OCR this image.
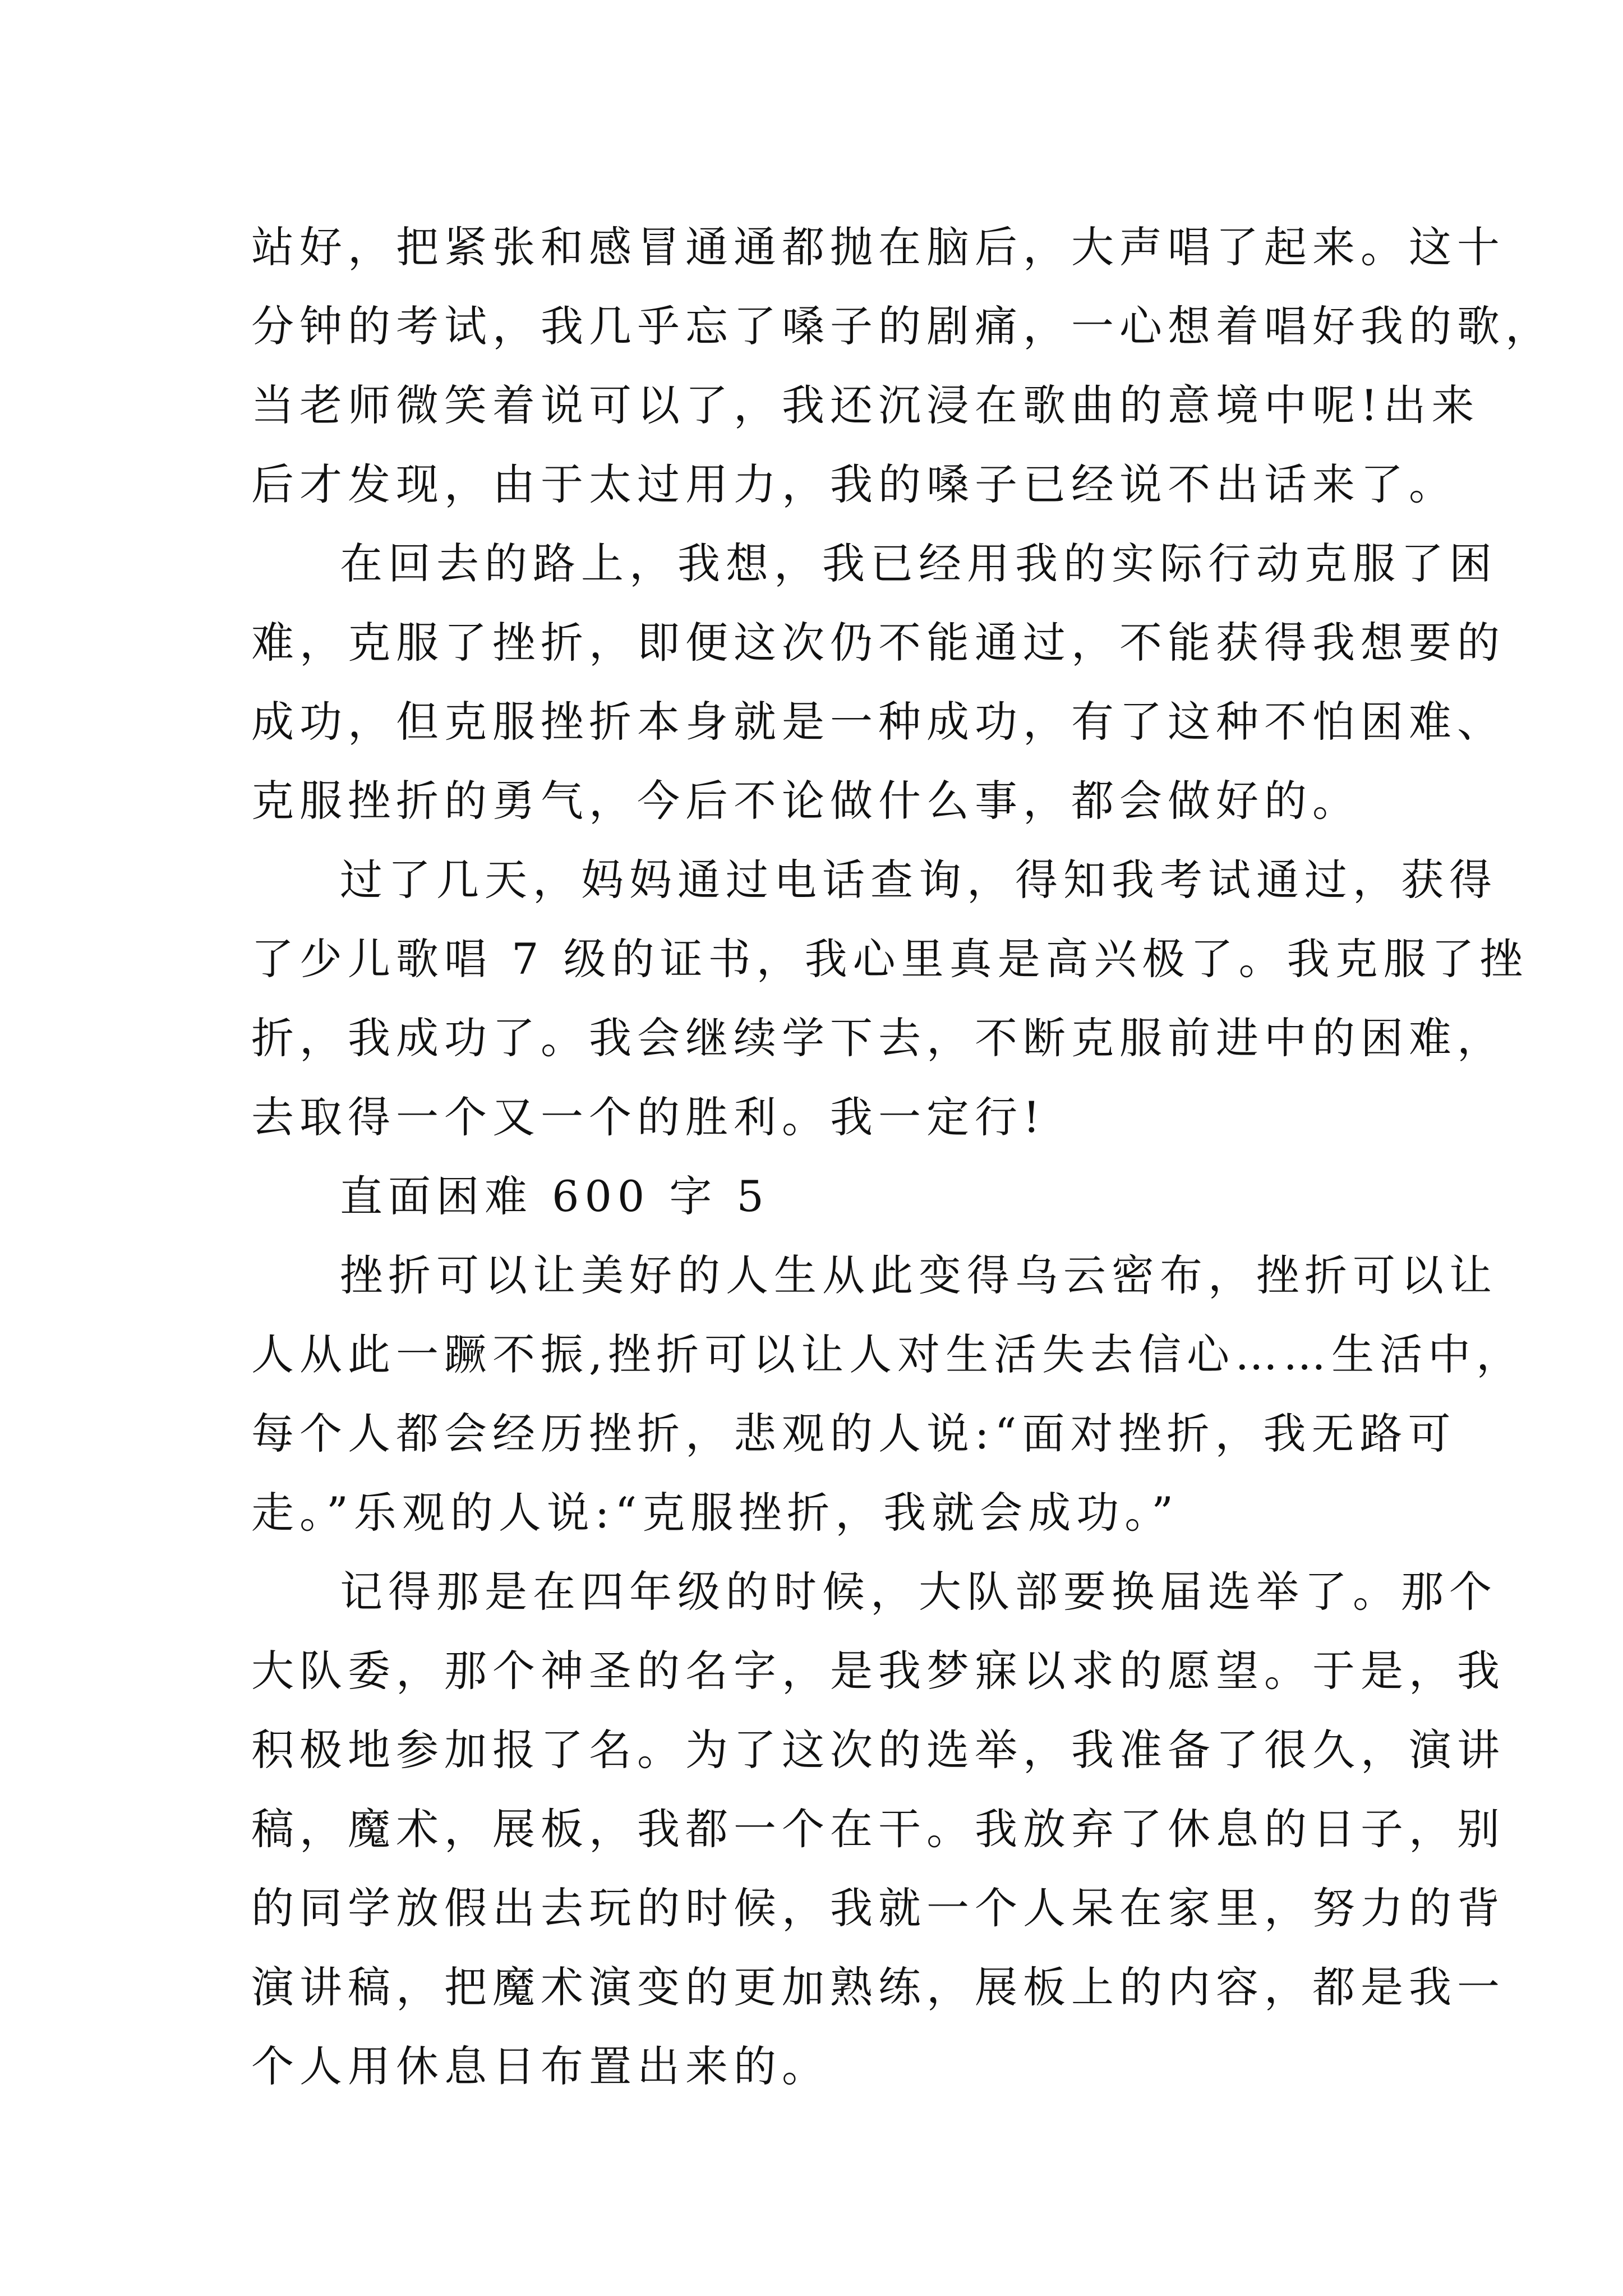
站好，把紧张和感冒通通都抛在脑后，大声唱了起来。这十
分钟的考试，我几乎忘了嗓子的剧痛，一心想着唱好我的歌，
当老师微笑着说可以了，我还沉浸在歌曲的意境中呢!出来
后才发现，由于太过用力，我的嗓子已经说不出话来了。
在回去的路上，我想，我已经用我的实际行动克服了困
难，克服了挫折，即便这次仍不能通过，不能获得我想要的
成功，但克服挫折本身就是一种成功，有了这种不怕困难、
克服挫折的勇气，今后不论做什么事，都会做好的。
过了几天，妈妈通过电话查询，得知我考试通过，获得
了少儿歌唱 7 级的证书，我心里真是高兴极了。我克服了挫
折，我成功了。我会继续学下去，不断克服前进中的困难，
去取得一个又一个的胜利。我一定行!
直面困难 600 字 5
挫折可以让美好的人生从此变得乌云密布，挫折可以让
人从此一蹶不振,挫折可以让人对生活失去信心……生活中，
每个人都会经历挫折，悲观的人说:“面对挫折，我无路可
走。”乐观的人说:“克服挫折，我就会成功。”
记得那是在四年级的时候，大队部要换届选举了。那个
大队委，那个神圣的名字，是我梦寐以求的愿望。于是，我
积极地参加报了名。为了这次的选举，我准备了很久，演讲
稿，魔术，展板，我都一个在干。我放弃了休息的日子，别
的同学放假出去玩的时候，我就一个人呆在家里，努力的背
演讲稿，把魔术演变的更加熟练，展板上的内容，都是我一
个人用休息日布置出来的。
